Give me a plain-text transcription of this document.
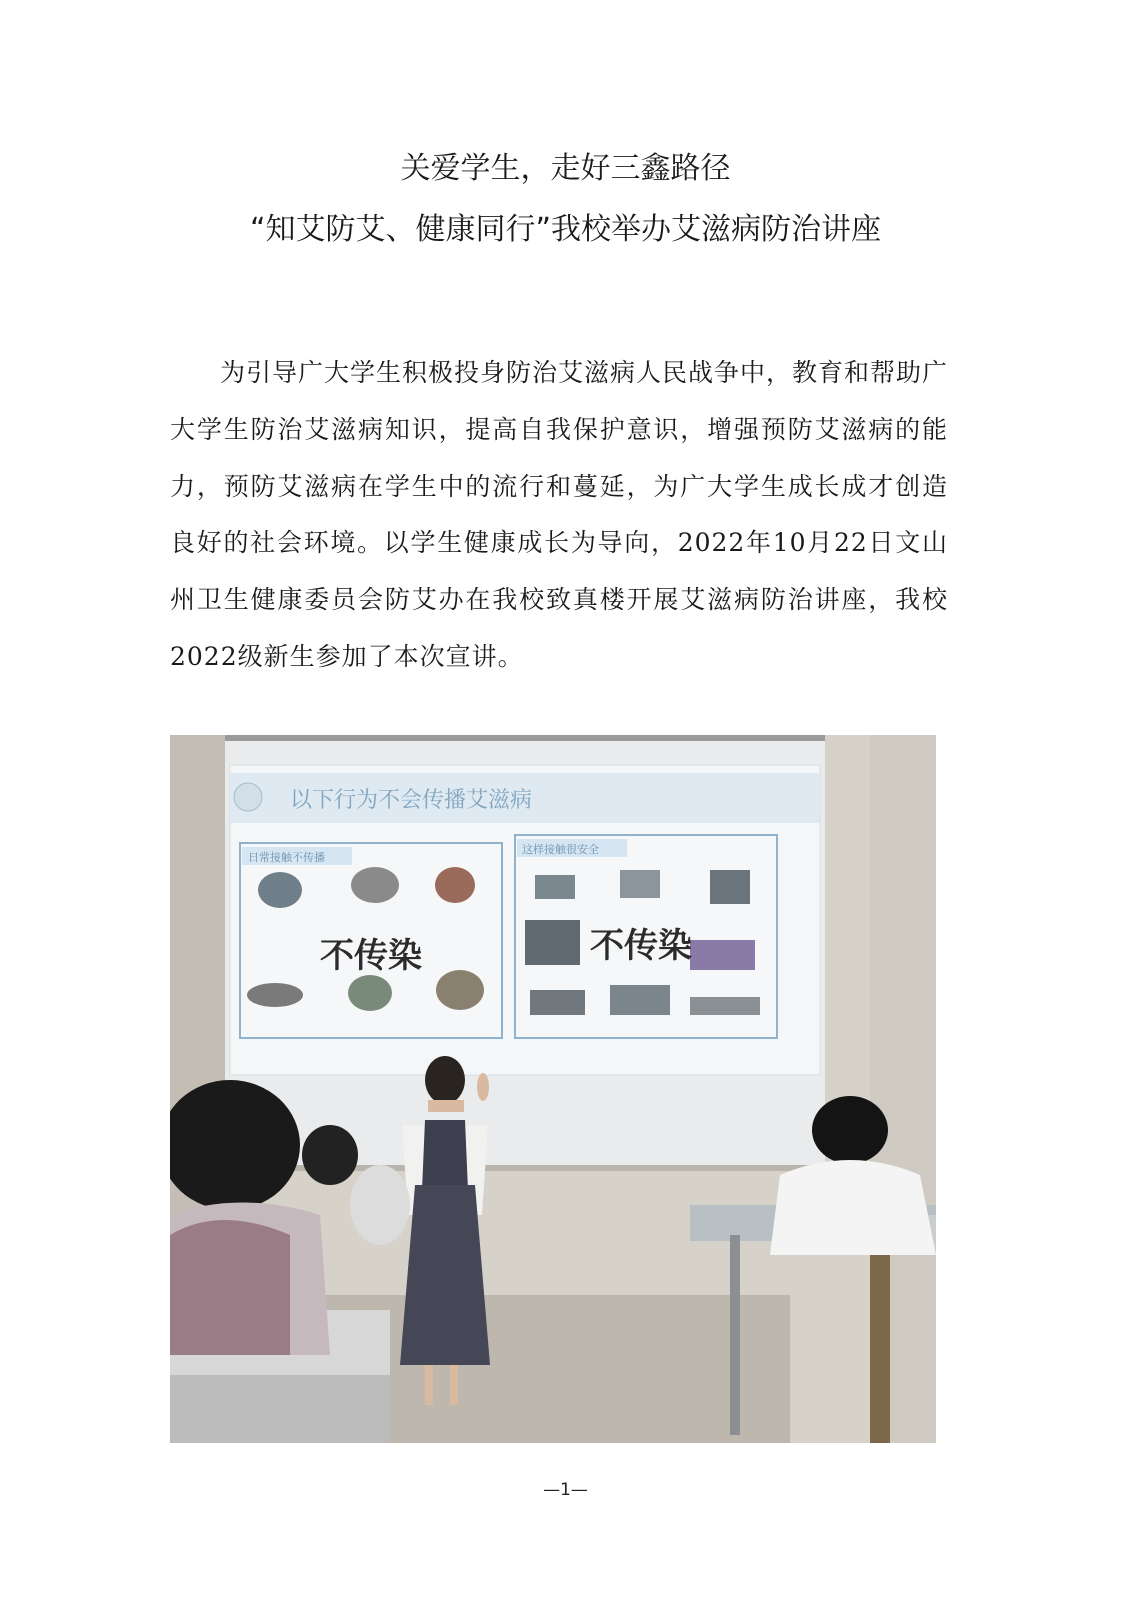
关爱学生，走好三鑫路径
“知艾防艾、健康同行”我校举办艾滋病防治讲座

为引导广大学生积极投身防治艾滋病人民战争中，教育和帮助广大学生防治艾滋病知识，提高自我保护意识，增强预防艾滋病的能力，预防艾滋病在学生中的流行和蔓延，为广大学生成长成才创造良好的社会环境。以学生健康成长为导向，2022年10月22日文山州卫生健康委员会防艾办在我校致真楼开展艾滋病防治讲座，我校2022级新生参加了本次宣讲。

以下行为不会传播艾滋病
日常接触不传播
不传染
这样接触很安全
不传染

—1—
